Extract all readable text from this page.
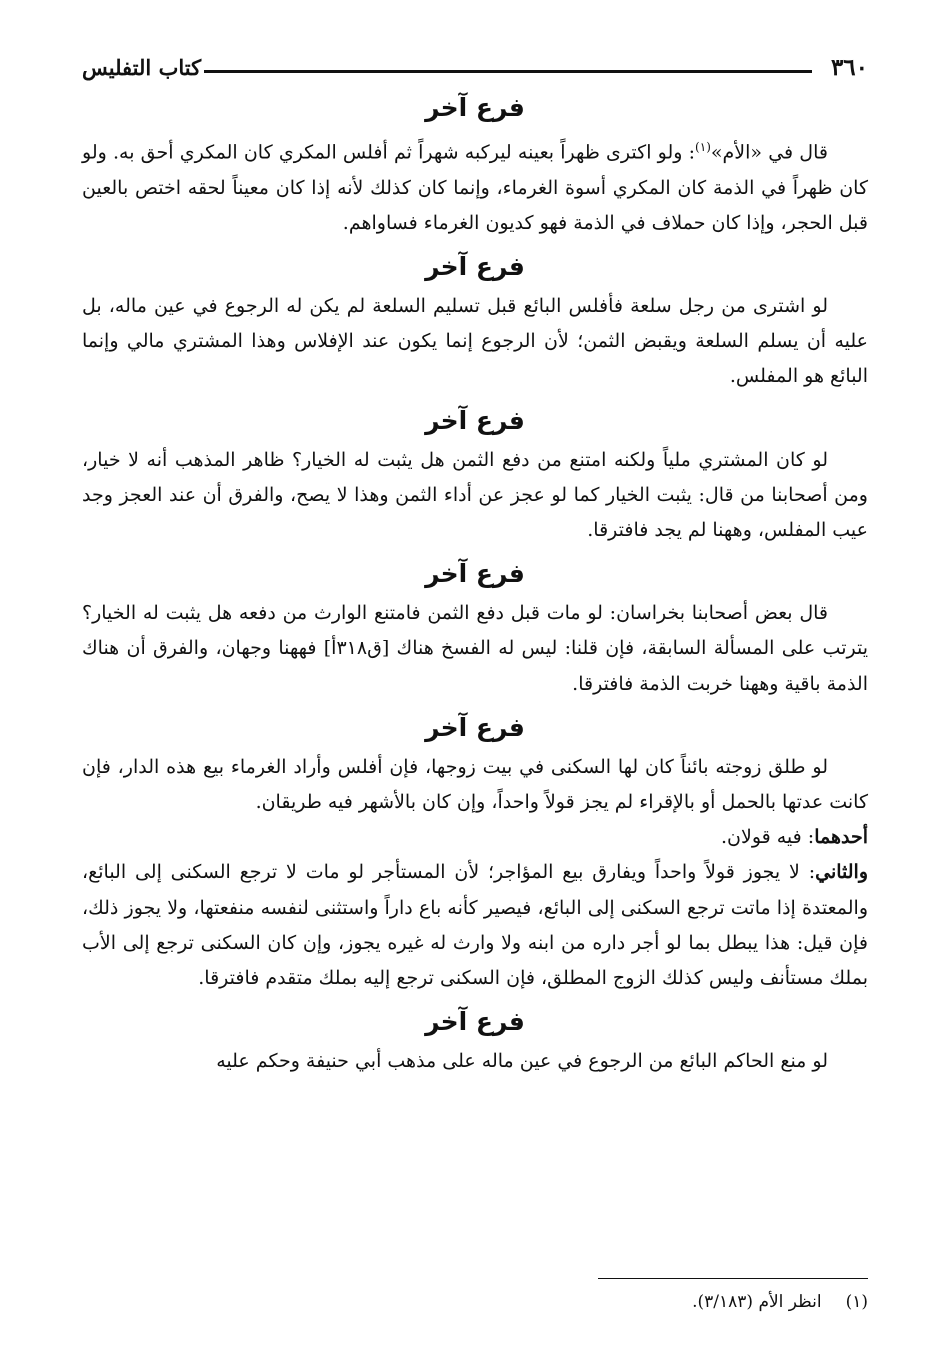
٣٦٠
كتاب التفليس
فرع آخر

قال في «الأم»$^{(١)}$: ولو اكترى ظهراً بعينه ليركبه شهراً ثم أفلس المكري كان المكري أحق به. ولو كان ظهراً في الذمة كان المكري أسوة الغرماء، وإنما كان كذلك لأنه إذا كان معيناً لحقه اختص بالعين قبل الحجر، وإذا كان حملاف في الذمة فهو كديون الغرماء فساواهم.

فرع آخر

لو اشترى من رجل سلعة فأفلس البائع قبل تسليم السلعة لم يكن له الرجوع في عين ماله، بل عليه أن يسلم السلعة ويقبض الثمن؛ لأن الرجوع إنما يكون عند الإفلاس وهذا المشتري مالي وإنما البائع هو المفلس.

فرع آخر

لو كان المشتري ملياً ولكنه امتنع من دفع الثمن هل يثبت له الخيار؟ ظاهر المذهب أنه لا خيار، ومن أصحابنا من قال: يثبت الخيار كما لو عجز عن أداء الثمن وهذا لا يصح، والفرق أن عند العجز وجد عيب المفلس، وههنا لم يجد فافترقا.

فرع آخر

قال بعض أصحابنا بخراسان: لو مات قبل دفع الثمن فامتنع الوارث من دفعه هل يثبت له الخيار؟ يترتب على المسألة السابقة، فإن قلنا: ليس له الفسخ هناك [ق٣١٨أ] فههنا وجهان، والفرق أن هناك الذمة باقية وههنا خربت الذمة فافترقا.

فرع آخر

لو طلق زوجته بائناً كان لها السكنى في بيت زوجها، فإن أفلس وأراد الغرماء بيع هذه الدار، فإن كانت عدتها بالحمل أو بالإقراء لم يجز قولاً واحداً، وإن كان بالأشهر فيه طريقان.

أحدهما: فيه قولان.

والثاني: لا يجوز قولاً واحداً ويفارق بيع المؤاجر؛ لأن المستأجر لو مات لا ترجع السكنى إلى البائع، والمعتدة إذا ماتت ترجع السكنى إلى البائع، فيصير كأنه باع داراً واستثنى لنفسه منفعتها، ولا يجوز ذلك، فإن قيل: هذا يبطل بما لو أجر داره من ابنه ولا وارث له غيره يجوز، وإن كان السكنى ترجع إلى الأب بملك مستأنف وليس كذلك الزوج المطلق، فإن السكنى ترجع إليه بملك متقدم فافترقا.

فرع آخر

لو منع الحاكم البائع من الرجوع في عين ماله على مذهب أبي حنيفة وحكم عليه

(١)انظر الأم (٣/١٨٣).
